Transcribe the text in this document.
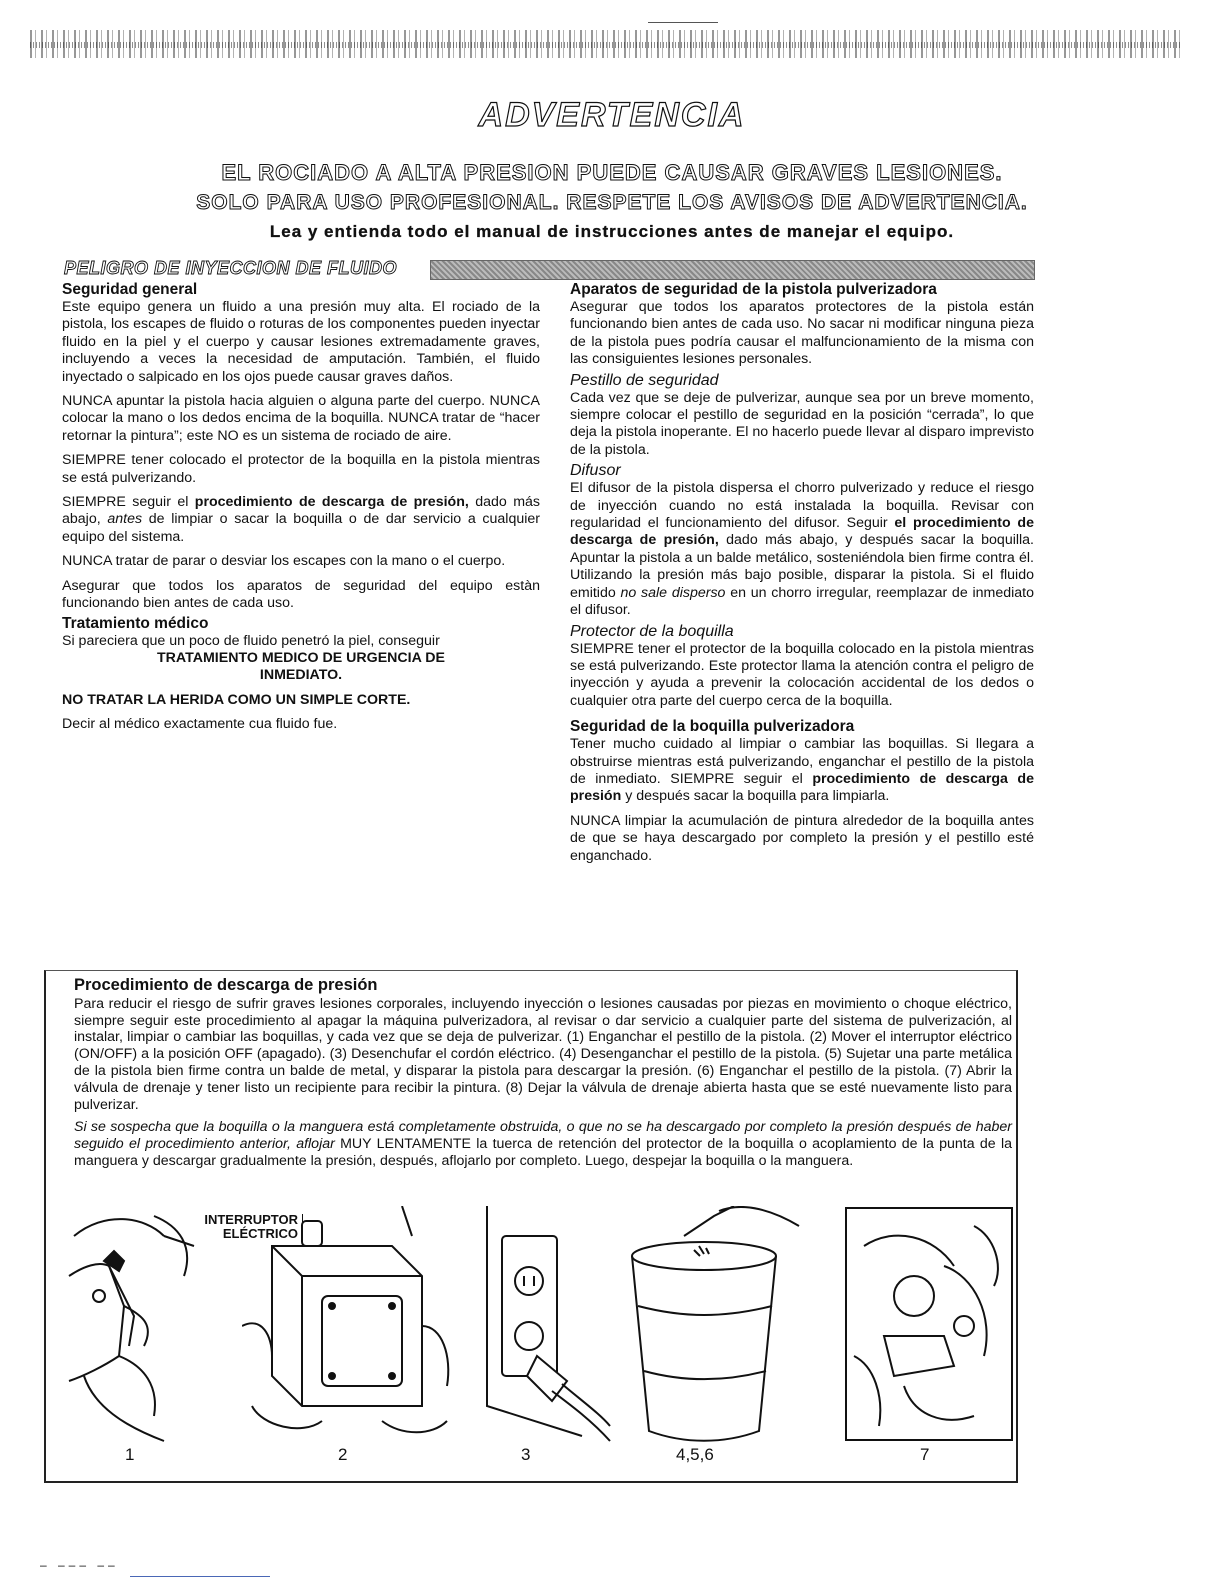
ADVERTENCIA
EL ROCIADO A ALTA PRESION PUEDE CAUSAR GRAVES LESIONES.
SOLO PARA USO PROFESIONAL. RESPETE LOS AVISOS DE ADVERTENCIA.
Lea y entienda todo el manual de instrucciones antes de manejar el equipo.
PELIGRO DE INYECCION DE FLUIDO
Seguridad general

Este equipo genera un fluido a una presión muy alta. El rociado de la pistola, los escapes de fluido o roturas de los componentes pueden inyectar fluido en la piel y el cuerpo y causar lesiones extremadamente graves, incluyendo a veces la necesidad de amputación. También, el fluido inyectado o salpicado en los ojos puede causar graves daños.

NUNCA apuntar la pistola hacia alguien o alguna parte del cuerpo. NUNCA colocar la mano o los dedos encima de la boquilla. NUNCA tratar de “hacer retornar la pintura”; este NO es un sistema de rociado de aire.

SIEMPRE tener colocado el protector de la boquilla en la pistola mientras se está pulverizando.

SIEMPRE seguir el procedimiento de descarga de presión, dado más abajo, antes de limpiar o sacar la boquilla o de dar servicio a cualquier equipo del sistema.

NUNCA tratar de parar o desviar los escapes con la mano o el cuerpo.

Asegurar que todos los aparatos de seguridad del equipo estàn funcionando bien antes de cada uso.

Tratamiento médico

Si pareciera que un poco de fluido penetró la piel, conseguir

TRATAMIENTO MEDICO DE URGENCIA DE INMEDIATO.

NO TRATAR LA HERIDA COMO UN SIMPLE CORTE.

Decir al médico exactamente cua fluido fue.

Aparatos de seguridad de la pistola pulverizadora

Asegurar que todos los aparatos protectores de la pistola están funcionando bien antes de cada uso. No sacar ni modificar ninguna pieza de la pistola pues podría causar el malfuncionamiento de la misma con las consiguientes lesiones personales.

Pestillo de seguridad

Cada vez que se deje de pulverizar, aunque sea por un breve momento, siempre colocar el pestillo de seguridad en la posición “cerrada”, lo que deja la pistola inoperante. El no hacerlo puede llevar al disparo imprevisto de la pistola.

Difusor

El difusor de la pistola dispersa el chorro pulverizado y reduce el riesgo de inyección cuando no está instalada la boquilla. Revisar con regularidad el funcionamiento del difusor. Seguir el procedimiento de descarga de presión, dado más abajo, y después sacar la boquilla. Apuntar la pistola a un balde metálico, sosteniéndola bien firme contra él. Utilizando la presión más bajo posible, disparar la pistola. Si el fluido emitido no sale disperso en un chorro irregular, reemplazar de inmediato el difusor.

Protector de la boquilla

SIEMPRE tener el protector de la boquilla colocado en la pistola mientras se está pulverizando. Este protector llama la atención contra el peligro de inyección y ayuda a prevenir la colocación accidental de los dedos o cualquier otra parte del cuerpo cerca de la boquilla.

Seguridad de la boquilla pulverizadora

Tener mucho cuidado al limpiar o cambiar las boquillas. Si llegara a obstruirse mientras está pulverizando, enganchar el pestillo de la pistola de inmediato. SIEMPRE seguir el procedimiento de descarga de presión y después sacar la boquilla para limpiarla.

NUNCA limpiar la acumulación de pintura alrededor de la boquilla antes de que se haya descargado por completo la presión y el pestillo esté enganchado.

Procedimiento de descarga de presión

Para reducir el riesgo de sufrir graves lesiones corporales, incluyendo inyección o lesiones causadas por piezas en movimiento o choque eléctrico, siempre seguir este procedimiento al apagar la máquina pulverizadora, al revisar o dar servicio a cualquier parte del sistema de pulverización, al instalar, limpiar o cambiar las boquillas, y cada vez que se deja de pulverizar. (1) Enganchar el pestillo de la pistola. (2) Mover el interruptor eléctrico (ON/OFF) a la posición OFF (apagado). (3) Desenchufar el cordón eléctrico. (4) Desenganchar el pestillo de la pistola. (5) Sujetar una parte metálica de la pistola bien firme contra un balde de metal, y disparar la pistola para descargar la presión. (6) Enganchar el pestillo de la pistola. (7) Abrir la válvula de drenaje y tener listo un recipiente para recibir la pintura. (8) Dejar la válvula de drenaje abierta hasta que se esté nuevamente listo para pulverizar.

Si se sospecha que la boquilla o la manguera está completamente obstruida, o que no se ha descargado por completo la presión después de haber seguido el procedimiento anterior, aflojar MUY LENTAMENTE la tuerca de retención del protector de la boquilla o acoplamiento de la punta de la manguera y descargar gradualmente la presión, después, aflojarlo por completo. Luego, despejar la boquilla o la manguera.

INTERRUPTOR ELÉCTRICO
1	2	3	4,5,6	7
– ––– ––
